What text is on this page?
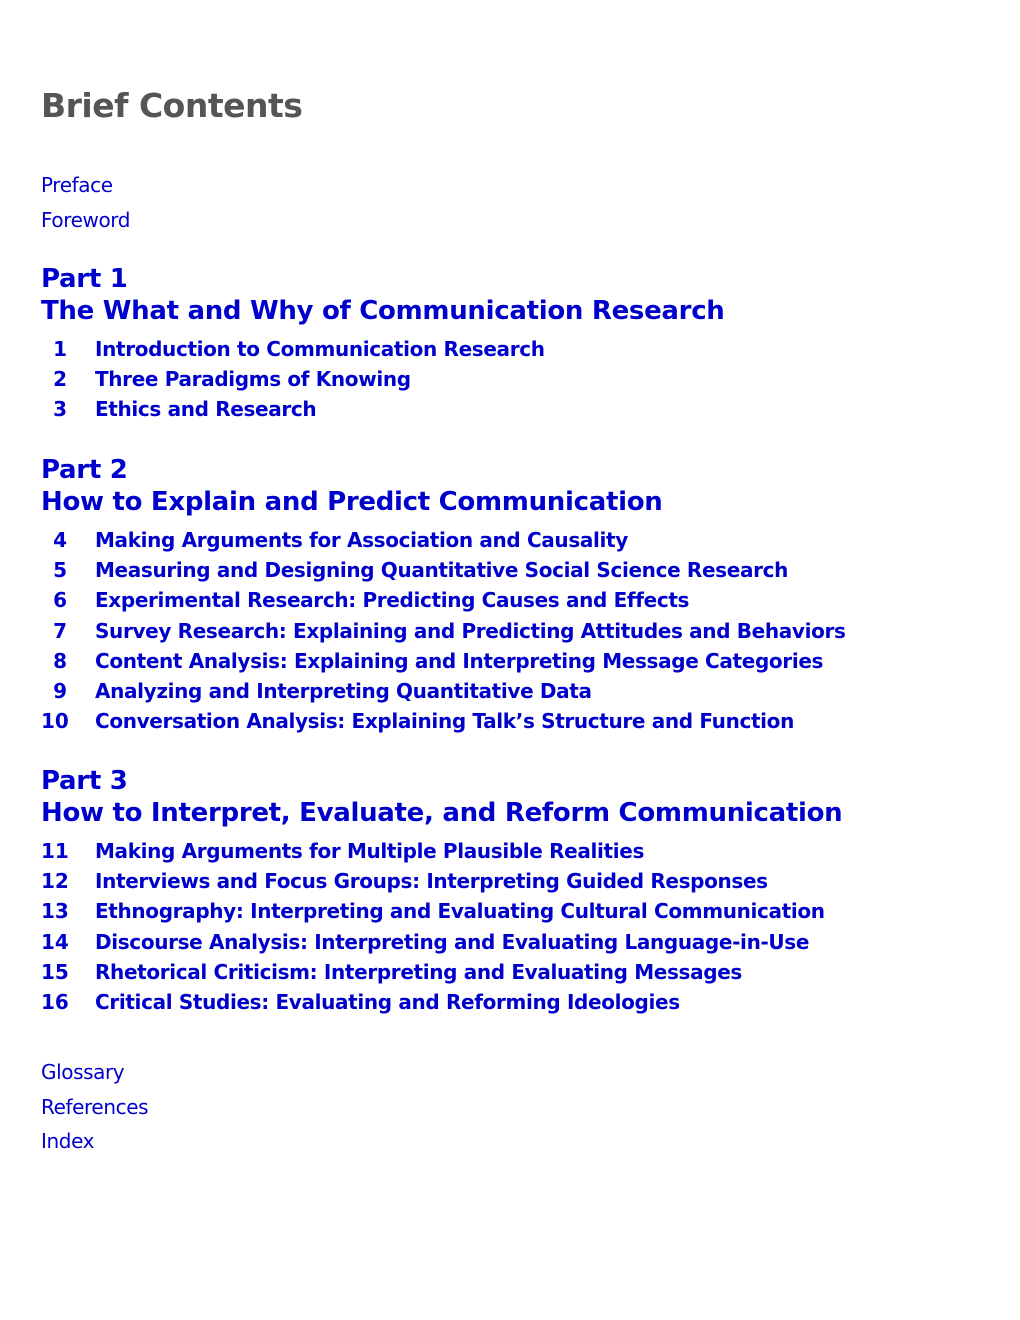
Brief Contents
Preface
Foreword
Part 1
The What and Why of Communication Research
1 Introduction to Communication Research
2 Three Paradigms of Knowing
3 Ethics and Research
Part 2
How to Explain and Predict Communication
4 Making Arguments for Association and Causality
5 Measuring and Designing Quantitative Social Science Research
6 Experimental Research: Predicting Causes and Effects
7 Survey Research: Explaining and Predicting Attitudes and Behaviors
8 Content Analysis: Explaining and Interpreting Message Categories
9 Analyzing and Interpreting Quantitative Data
10 Conversation Analysis: Explaining Talk’s Structure and Function
Part 3
How to Interpret, Evaluate, and Reform Communication
11 Making Arguments for Multiple Plausible Realities
12 Interviews and Focus Groups: Interpreting Guided Responses
13 Ethnography: Interpreting and Evaluating Cultural Communication
14 Discourse Analysis: Interpreting and Evaluating Language-in-Use
15 Rhetorical Criticism: Interpreting and Evaluating Messages
16 Critical Studies: Evaluating and Reforming Ideologies
Glossary
References
Index
